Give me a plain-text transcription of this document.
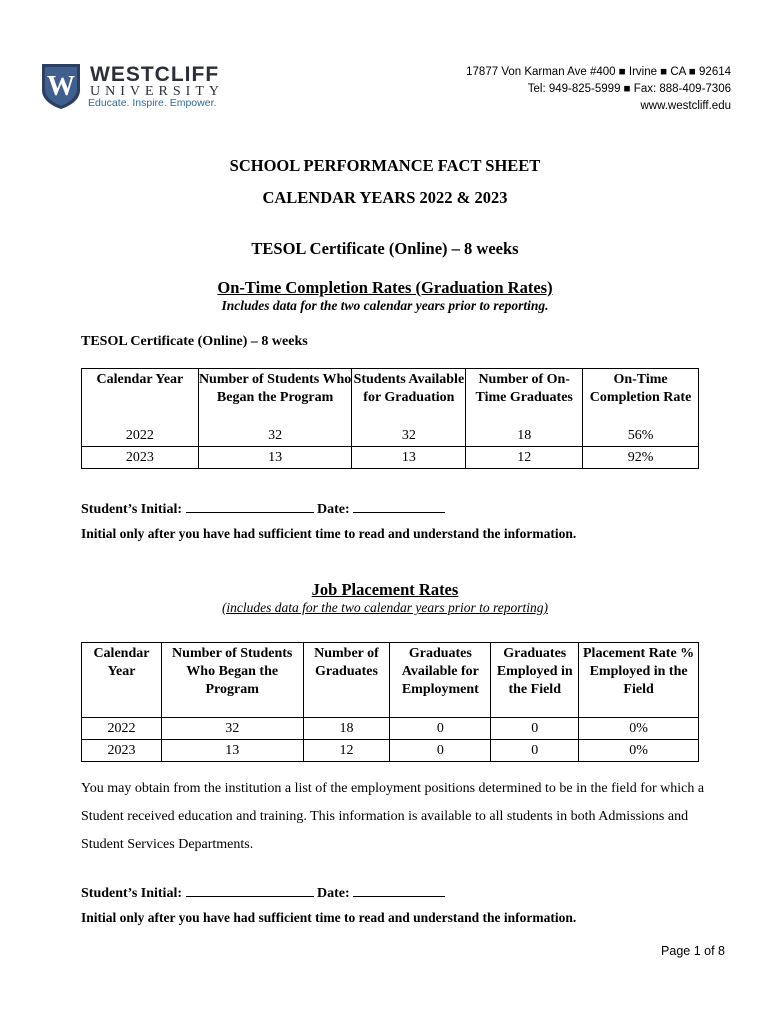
W WESTCLIFF
UNIVERSITY
Educate. Inspire. Empower.
17877 Von Karman Ave #400 ■ Irvine ■ CA ■ 92614
Tel: 949-825-5999 ■ Fax: 888-409-7306
www.westcliff.edu
SCHOOL PERFORMANCE FACT SHEET
CALENDAR YEARS 2022 & 2023
TESOL Certificate (Online) – 8 weeks
On-Time Completion Rates (Graduation Rates)
Includes data for the two calendar years prior to reporting.
TESOL Certificate (Online) – 8 weeks
Calendar Year	Number of Students Who Began the Program	Students Available for Graduation	Number of On-Time Graduates	On-Time Completion Rate
2022	32	32	18	56%
2023	13	13	12	92%
Student’s Initial:	Date:
Initial only after you have had sufficient time to read and understand the information.
Job Placement Rates
(includes data for the two calendar years prior to reporting)
Calendar Year	Number of Students Who Began the Program	Number of Graduates	Graduates Available for Employment	Graduates Employed in the Field	Placement Rate % Employed in the Field
2022	32	18	0	0	0%
2023	13	12	0	0	0%
You may obtain from the institution a list of the employment positions determined to be in the field for which a Student received education and training. This information is available to all students in both Admissions and Student Services Departments.
Student’s Initial:	Date:
Initial only after you have had sufficient time to read and understand the information.
Page 1 of 8
